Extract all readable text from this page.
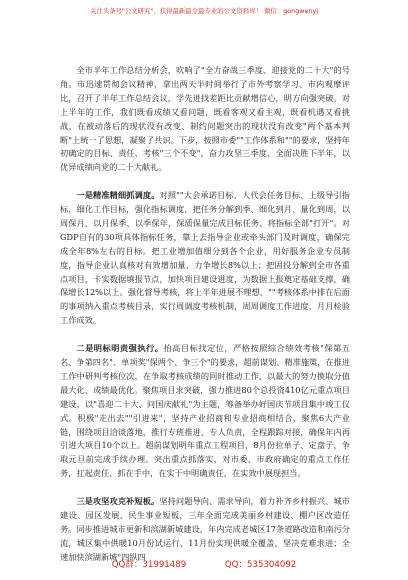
关注头条号"公文研究"，获得最新最全最专业的公文资料库！ 微信：gongwenyj

全市半年工作总结分析会，吹响了"全力奋战三季度、迎接党的二十大"的号角。市迅速贯彻会议精神，拿出两天半时间举行了市外考察学习、市内观摩评比，召开了半年工作总结会议，学先进找差距比贡献增信心，明方向强突破。对上半年的工作，我们既看成绩又看问题，既看客观又看主观，既看机遇又看挑战，在被动落后的现状没有改变、制约问题突出的现状没有改变"两个基本判断"上统一了思想，凝聚了共识。下步，按照市委""工作体系和""的要求，坚持年初确定的目标、责任、考核"三个不变"，奋力攻坚三季度、全面决胜下半年，以优异成绩向党的二十大献礼。

一是精准精细抓调度。对照""大会承诺目标、人代会任务目标、上级导引指标，细化工作目标，强化指标调度，把任务分解到季、细化到月、量化到周，以周保月、以月保季、以季保年，保质保量完成目标任务、将指标全部"打开"。对GDP自有的30项具体指标任务，靠上去指导企业或牵头部门及时调度，确保完成全年8%左右的目标。把工业增加值细分到各个企业，用好服务企业专员制度，指导企业认真核对有效增加量，力争增长8%以上；把固投分解到全市各重点项目，卡实数据填报节点，加快项目建设进度，为数据上报奠定基础支撑，确保增长12%以上。强化督导考核，将上半年进展不理想、""考核体系中排在后面的事项纳入重点考核目录，实行周调度考核机制，周周调度工作进度，月月检验工作成效。

二是明标明责强执行。抬高目标找定位，严格按照综合绩效考核"保第五名、争第四名"、单项奖"保两个、争三个"的要求，超前谋划、精准施策，在推进工作中研判考核位次，在争取考核成绩的同时推动工作，以最大的努力换取分值最大化、成绩最优化。聚焦项目求突破，强力推进80个总投资410亿元重点项目建设，以"喜迎二十大、问国庆献礼"为主题，筹备举办好国庆节项目集中竣工仪式。积极"走出去""引进来"，坚持产业招商和专业招商相结合，聚焦6大产业链，围绕项目洽谈落地，推行专班推进、专人负责，全程跟踪对接，确保年内再引进大项目10个以上。超前谋划明年重点工程项目，8月份拉单子、定盘子，争取元旦前完成手续办理。突出重点抓落实，对市委、市政府确定的重点工作任务，扛起责任、抓在手中，在实干中明确责任，在实效中展现担当。

三是攻坚攻克补短板。坚持问题导向、需求导向，着力补齐乡村振兴、城市建设、园区发展、民生事业短板，三年全面完成美丽乡村建设、棚户区改造任务。同步推进城市更新和滨湖新城建设，年内完成老城区17条道路改造和南污分流，城区集中供暖10月份试运行，11月份实现供暖全覆盖，坚决克难求进；全速加快滨湖新城"四纵四

QQ群：31991489	QQ：535304092
